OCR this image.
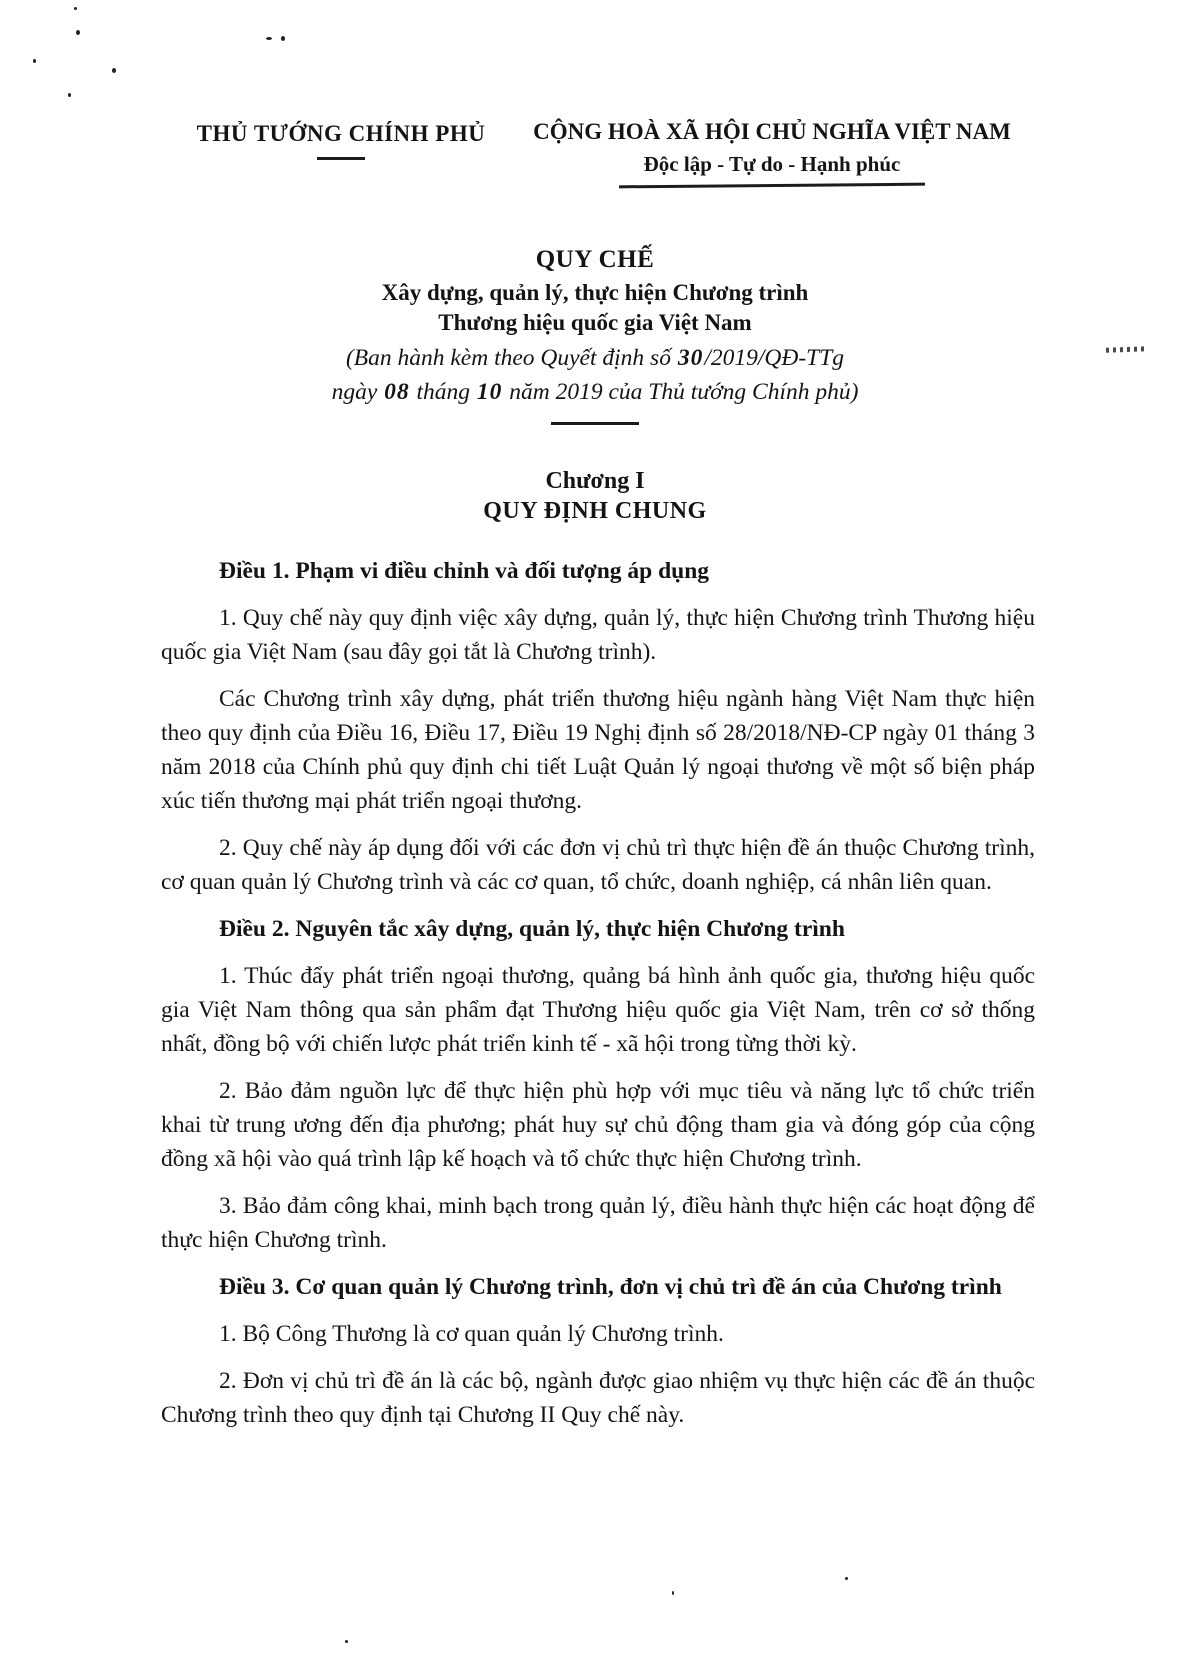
THỦ TƯỚNG CHÍNH PHỦ	CỘNG HOÀ XÃ HỘI CHỦ NGHĨA VIỆT NAM
Độc lập - Tự do - Hạnh phúc
QUY CHẾ
Xây dựng, quản lý, thực hiện Chương trình
Thương hiệu quốc gia Việt Nam
(Ban hành kèm theo Quyết định số 30/2019/QĐ-TTg
ngày 08 tháng 10 năm 2019 của Thủ tướng Chính phủ)
Chương I
QUY ĐỊNH CHUNG

Điều 1. Phạm vi điều chỉnh và đối tượng áp dụng

1. Quy chế này quy định việc xây dựng, quản lý, thực hiện Chương trình Thương hiệu quốc gia Việt Nam (sau đây gọi tắt là Chương trình).

Các Chương trình xây dựng, phát triển thương hiệu ngành hàng Việt Nam thực hiện theo quy định của Điều 16, Điều 17, Điều 19 Nghị định số 28/2018/NĐ-CP ngày 01 tháng 3 năm 2018 của Chính phủ quy định chi tiết Luật Quản lý ngoại thương về một số biện pháp xúc tiến thương mại phát triển ngoại thương.

2. Quy chế này áp dụng đối với các đơn vị chủ trì thực hiện đề án thuộc Chương trình, cơ quan quản lý Chương trình và các cơ quan, tổ chức, doanh nghiệp, cá nhân liên quan.

Điều 2. Nguyên tắc xây dựng, quản lý, thực hiện Chương trình

1. Thúc đẩy phát triển ngoại thương, quảng bá hình ảnh quốc gia, thương hiệu quốc gia Việt Nam thông qua sản phẩm đạt Thương hiệu quốc gia Việt Nam, trên cơ sở thống nhất, đồng bộ với chiến lược phát triển kinh tế - xã hội trong từng thời kỳ.

2. Bảo đảm nguồn lực để thực hiện phù hợp với mục tiêu và năng lực tổ chức triển khai từ trung ương đến địa phương; phát huy sự chủ động tham gia và đóng góp của cộng đồng xã hội vào quá trình lập kế hoạch và tổ chức thực hiện Chương trình.

3. Bảo đảm công khai, minh bạch trong quản lý, điều hành thực hiện các hoạt động để thực hiện Chương trình.

Điều 3. Cơ quan quản lý Chương trình, đơn vị chủ trì đề án của Chương trình

1. Bộ Công Thương là cơ quan quản lý Chương trình.

2. Đơn vị chủ trì đề án là các bộ, ngành được giao nhiệm vụ thực hiện các đề án thuộc Chương trình theo quy định tại Chương II Quy chế này.
